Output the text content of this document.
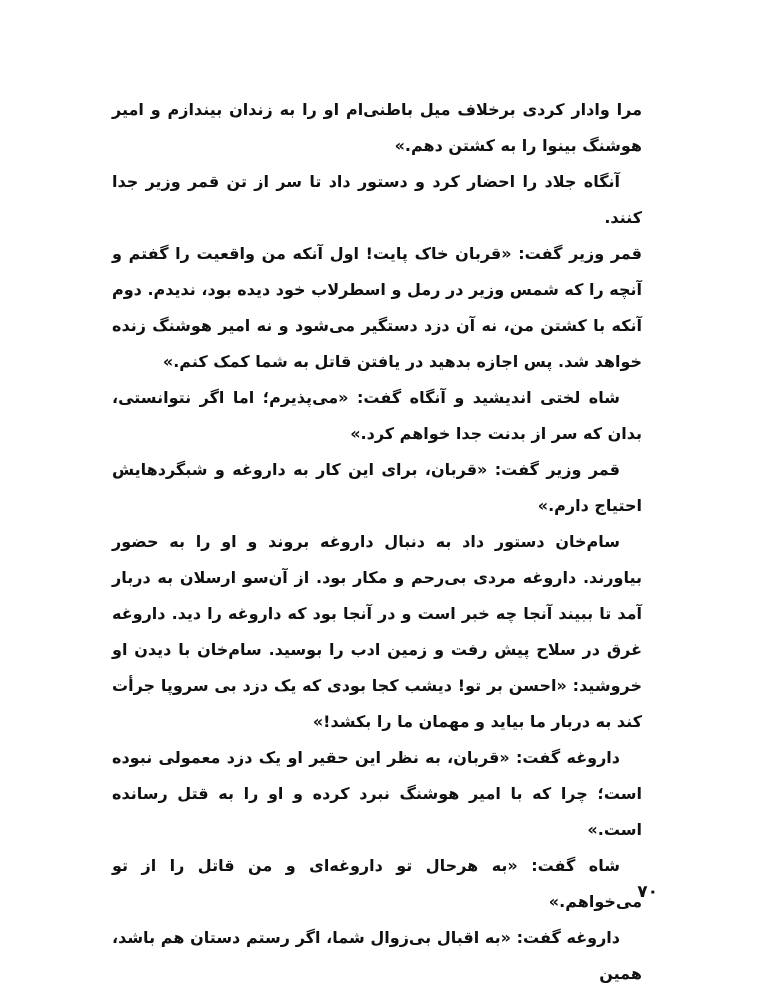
مرا وادار کردی برخلاف میل باطنی‌ام او را به زندان بیندازم و امیر هوشنگ بینوا را به کشتن دهم.»

آنگاه جلاد را احضار کرد و دستور داد تا سر از تن قمر وزیر جدا کنند.

قمر وزیر گفت: «قربان خاک پایت! اول آنکه من واقعیت را گفتم و آنچه را که شمس وزیر در رمل و اسطرلاب خود دیده بود، ندیدم. دوم آنکه با کشتن من، نه آن دزد دستگیر می‌شود و نه امیر هوشنگ زنده خواهد شد. پس اجازه بدهید در یافتن قاتل به شما کمک کنم.»

شاه لختی اندیشید و آنگاه گفت: «می‌پذیرم؛ اما اگر نتوانستی، بدان که سر از بدنت جدا خواهم کرد.»

قمر وزیر گفت: «قربان، برای این کار به داروغه و شبگردهایش احتیاج دارم.»

سام‌خان دستور داد به دنبال داروغه بروند و او را به حضور بیاورند. داروغه مردی بی‌رحم و مکار بود. از آن‌سو ارسلان به دربار آمد تا ببیند آنجا چه خبر است و در آنجا بود که داروغه را دید. داروغه غرق در سلاح پیش رفت و زمین ادب را بوسید. سام‌خان با دیدن او خروشید: «احسن بر تو! دیشب کجا بودی که یک دزد بی سروپا جرأت کند به دربار ما بیاید و مهمان ما را بکشد!»

داروغه گفت: «قربان، به نظر این حقیر او یک دزد معمولی نبوده است؛ چرا که با امیر هوشنگ نبرد کرده و او را به قتل رسانده است.»

شاه گفت: «به هرحال تو داروغه‌ای و من قاتل را از تو می‌خواهم.»

داروغه گفت: «به اقبال بی‌زوال شما، اگر رستم دستان هم باشد، همین

۷۰
